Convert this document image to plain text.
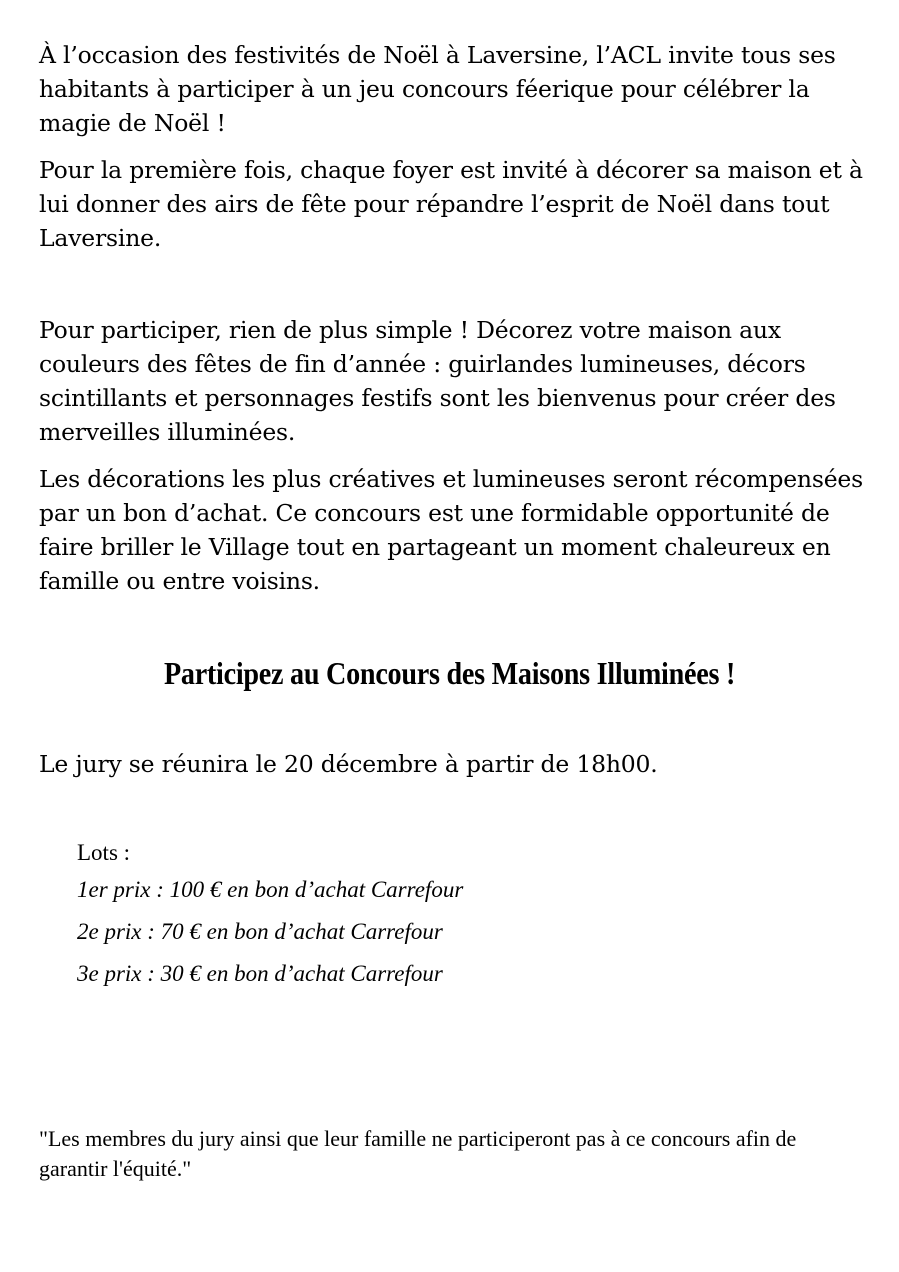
À l’occasion des festivités de Noël à Laversine, l’ACL invite tous ses habitants à participer à un jeu concours féerique pour célébrer la magie de Noël !

Pour la première fois, chaque foyer est invité à décorer sa maison et à lui donner des airs de fête pour répandre l’esprit de Noël dans tout Laversine.

Pour participer, rien de plus simple ! Décorez votre maison aux couleurs des fêtes de fin d’année : guirlandes lumineuses, décors scintillants et personnages festifs sont les bienvenus pour créer des merveilles illuminées.

Les décorations les plus créatives et lumineuses seront récompensées par un bon d’achat. Ce concours est une formidable opportunité de faire briller le Village tout en partageant un moment chaleureux en famille ou entre voisins.

Participez au Concours des Maisons Illuminées !

Le jury se réunira le 20 décembre à partir de 18h00.

Lots :
1er prix : 100 € en bon d’achat Carrefour
2e prix : 70 € en bon d’achat Carrefour
3e prix : 30 € en bon d’achat Carrefour

"Les membres du jury ainsi que leur famille ne participeront pas à ce concours afin de garantir l'équité."
